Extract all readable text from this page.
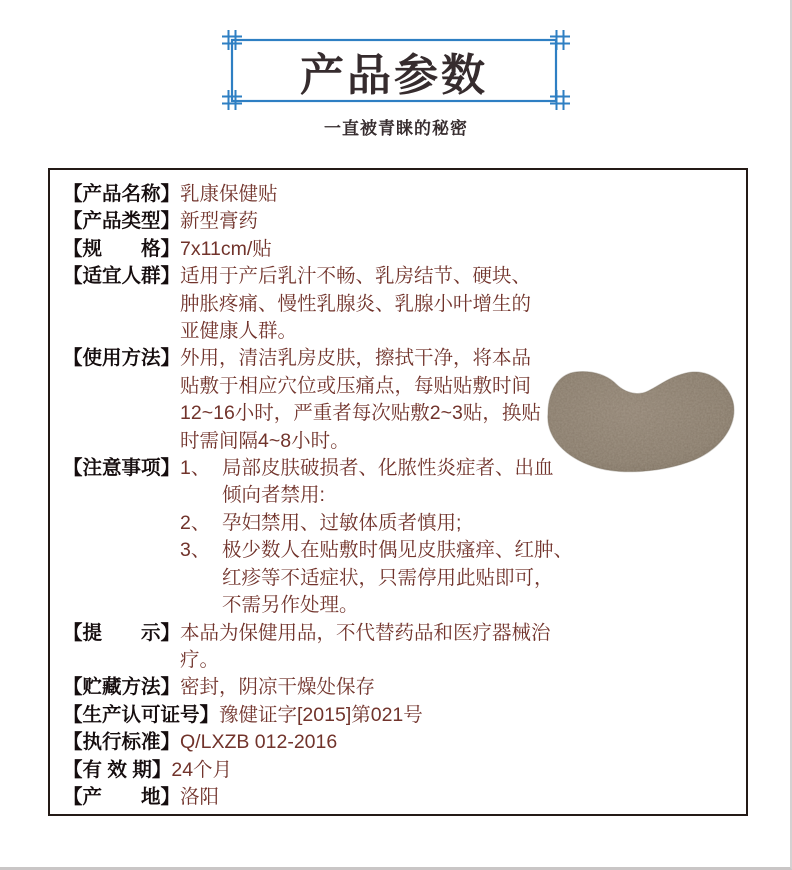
产品参数
一直被青睐的秘密
【产品名称】 乳康保健贴
【产品类型】 新型膏药
【规　　格】 7x11cm/贴
【适宜人群】 适用于产后乳汁不畅、乳房结节、硬块、
肿胀疼痛、慢性乳腺炎、乳腺小叶增生的
亚健康人群。
【使用方法】 外用，清洁乳房皮肤，擦拭干净，将本品
贴敷于相应穴位或压痛点，每贴贴敷时间
12~16小时，严重者每次贴敷2~3贴，换贴
时需间隔4~8小时。
【注意事项】 1、 局部皮肤破损者、化脓性炎症者、出血
倾向者禁用:
2、 孕妇禁用、过敏体质者慎用;
3、 极少数人在贴敷时偶见皮肤瘙痒、红肿、
红疹等不适症状，只需停用此贴即可，
不需另作处理。
【提　　示】 本品为保健用品，不代替药品和医疗器械治
疗。
【贮藏方法】 密封，阴凉干燥处保存
【生产认可证号】 豫健证字[2015]第021号
【执行标准】 Q/LXZB 012-2016
【有 效 期】 24个月
【产　　地】 洛阳
